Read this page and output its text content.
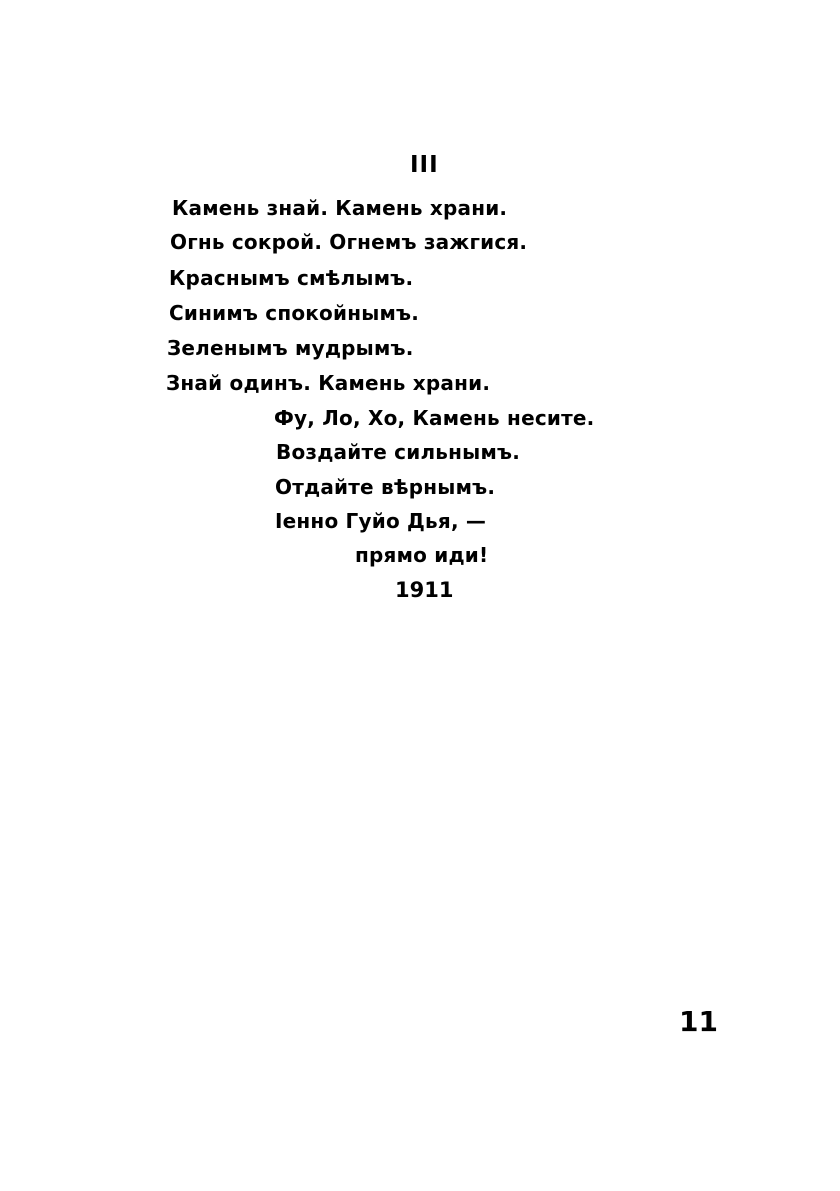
III
Камень знай. Камень храни.
Огнь сокрой. Огнемъ зажгися.
Краснымъ смѣлымъ.
Синимъ спокойнымъ.
Зеленымъ мудрымъ.
Знай одинъ. Камень храни.
Фу, Ло, Хо, Камень несите.
Воздайте сильнымъ.
Отдайте вѣрнымъ.
Iенно Гуйо Дья, —
прямо иди!
1911
11
